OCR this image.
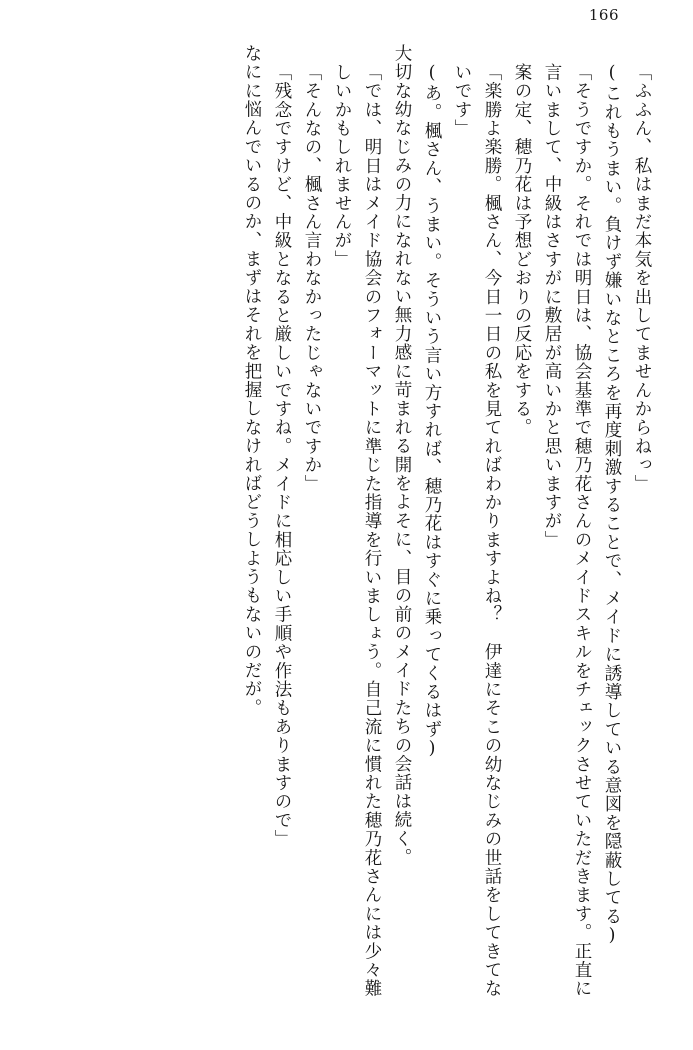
166

「ふふん、私はまだ本気を出してませんからねっ」

(これもうまい。負けず嫌いなところを再度刺激することで、メイドに誘導している意図を隠蔽してる)

「そうですか。それでは明日は、協会基準で穂乃花さんのメイドスキルをチェックさせていただきます。正直に言いまして、中級はさすがに敷居が高いかと思いますが」

案の定、穂乃花は予想どおりの反応をする。

「楽勝よ楽勝。楓さん、今日一日の私を見てればわかりますよね？　伊達にそこの幼なじみの世話をしてきてないです」

(あ。楓さん、うまい。そういう言い方すれば、穂乃花はすぐに乗ってくるはず)

大切な幼なじみの力になれない無力感に苛まれる開をよそに、目の前のメイドたちの会話は続く。

「では、明日はメイド協会のフォーマットに準じた指導を行いましょう。自己流に慣れた穂乃花さんには少々難しいかもしれませんが」

「そんなの、楓さん言わなかったじゃないですか」

「残念ですけど、中級となると厳しいですね。メイドに相応しい手順や作法もありますので」

なにに悩んでいるのか、まずはそれを把握しなければどうしようもないのだが。
